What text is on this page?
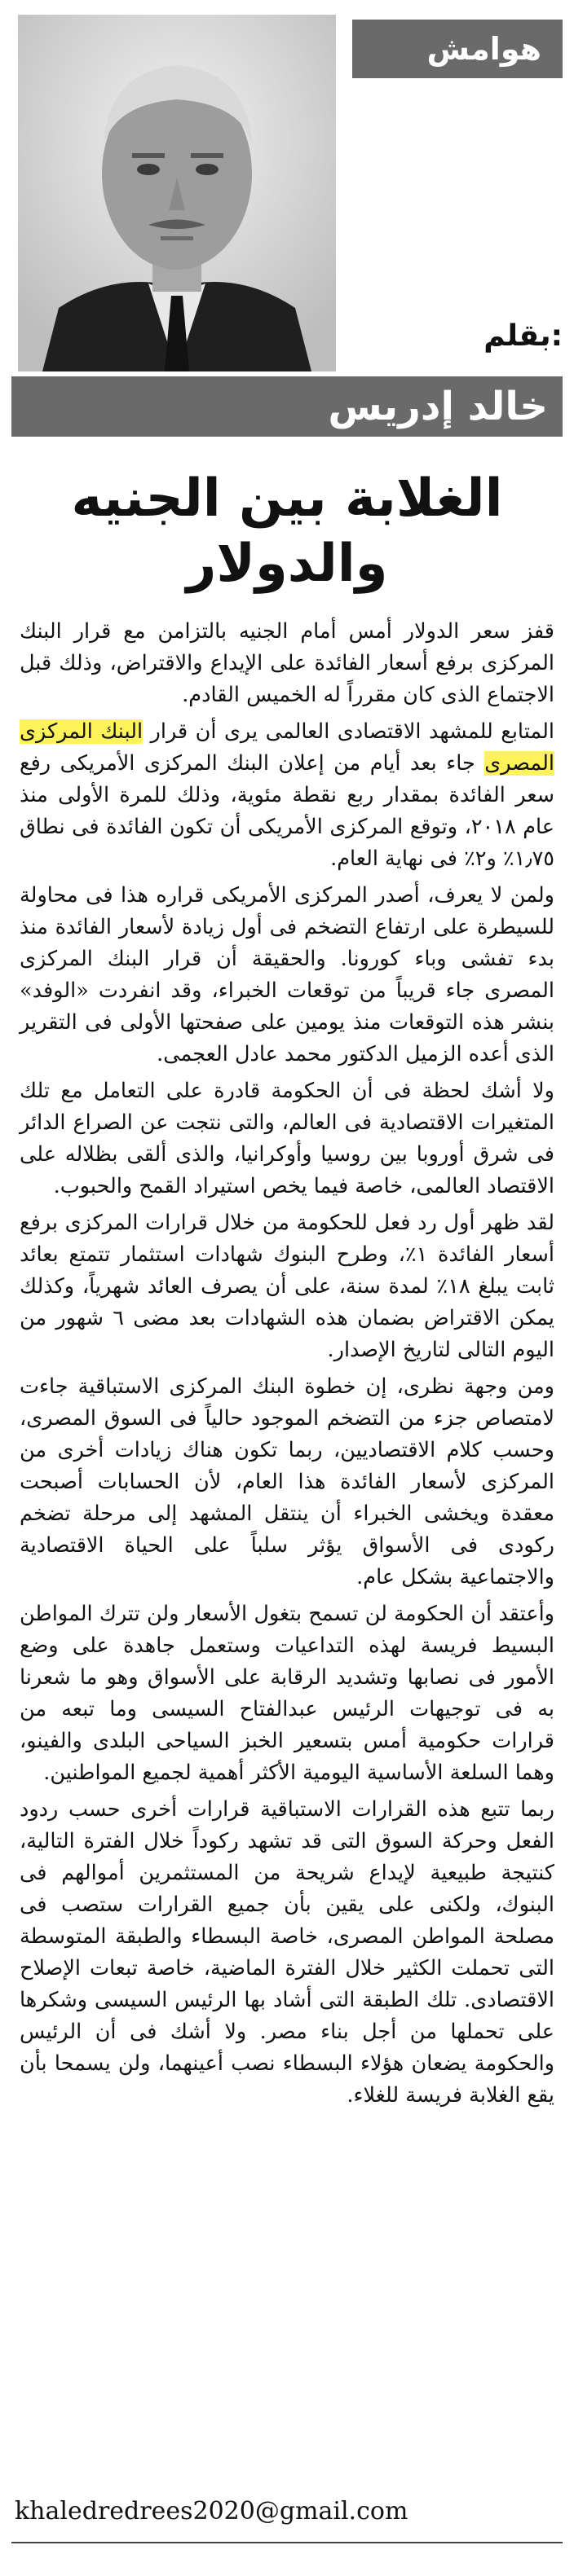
هوامش
بقلم:
خالد إدريس
الغلابة بين الجنيه والدولار

قفز سعر الدولار أمس أمام الجنيه بالتزامن مع قرار البنك المركزى برفع أسعار الفائدة على الإيداع والاقتراض، وذلك قبل الاجتماع الذى كان مقرراً له الخميس القادم.

المتابع للمشهد الاقتصادى العالمى يرى أن قرار البنك المركزى المصرى جاء بعد أيام من إعلان البنك المركزى الأمريكى رفع سعر الفائدة بمقدار ربع نقطة مئوية، وذلك للمرة الأولى منذ عام ٢٠١٨، وتوقع المركزى الأمريكى أن تكون الفائدة فى نطاق ١٫٧٥٪ و٢٪ فى نهاية العام.

ولمن لا يعرف، أصدر المركزى الأمريكى قراره هذا فى محاولة للسيطرة على ارتفاع التضخم فى أول زيادة لأسعار الفائدة منذ بدء تفشى وباء كورونا. والحقيقة أن قرار البنك المركزى المصرى جاء قريباً من توقعات الخبراء، وقد انفردت «الوفد» بنشر هذه التوقعات منذ يومين على صفحتها الأولى فى التقرير الذى أعده الزميل الدكتور محمد عادل العجمى.

ولا أشك لحظة فى أن الحكومة قادرة على التعامل مع تلك المتغيرات الاقتصادية فى العالم، والتى نتجت عن الصراع الدائر فى شرق أوروبا بين روسيا وأوكرانيا، والذى ألقى بظلاله على الاقتصاد العالمى، خاصة فيما يخص استيراد القمح والحبوب.

لقد ظهر أول رد فعل للحكومة من خلال قرارات المركزى برفع أسعار الفائدة ١٪، وطرح البنوك شهادات استثمار تتمتع بعائد ثابت يبلغ ١٨٪ لمدة سنة، على أن يصرف العائد شهرياً، وكذلك يمكن الاقتراض بضمان هذه الشهادات بعد مضى ٦ شهور من اليوم التالى لتاريخ الإصدار.

ومن وجهة نظرى، إن خطوة البنك المركزى الاستباقية جاءت لامتصاص جزء من التضخم الموجود حالياً فى السوق المصرى، وحسب كلام الاقتصاديين، ربما تكون هناك زيادات أخرى من المركزى لأسعار الفائدة هذا العام، لأن الحسابات أصبحت معقدة ويخشى الخبراء أن ينتقل المشهد إلى مرحلة تضخم ركودى فى الأسواق يؤثر سلباً على الحياة الاقتصادية والاجتماعية بشكل عام.

وأعتقد أن الحكومة لن تسمح بتغول الأسعار ولن تترك المواطن البسيط فريسة لهذه التداعيات وستعمل جاهدة على وضع الأمور فى نصابها وتشديد الرقابة على الأسواق وهو ما شعرنا به فى توجيهات الرئيس عبدالفتاح السيسى وما تبعه من قرارات حكومية أمس بتسعير الخبز السياحى البلدى والفينو، وهما السلعة الأساسية اليومية الأكثر أهمية لجميع المواطنين.

ربما تتبع هذه القرارات الاستباقية قرارات أخرى حسب ردود الفعل وحركة السوق التى قد تشهد ركوداً خلال الفترة التالية، كنتيجة طبيعية لإيداع شريحة من المستثمرين أموالهم فى البنوك، ولكنى على يقين بأن جميع القرارات ستصب فى مصلحة المواطن المصرى، خاصة البسطاء والطبقة المتوسطة التى تحملت الكثير خلال الفترة الماضية، خاصة تبعات الإصلاح الاقتصادى. تلك الطبقة التى أشاد بها الرئيس السيسى وشكرها على تحملها من أجل بناء مصر. ولا أشك فى أن الرئيس والحكومة يضعان هؤلاء البسطاء نصب أعينهما، ولن يسمحا بأن يقع الغلابة فريسة للغلاء.

khaledredrees2020@gmail.com
